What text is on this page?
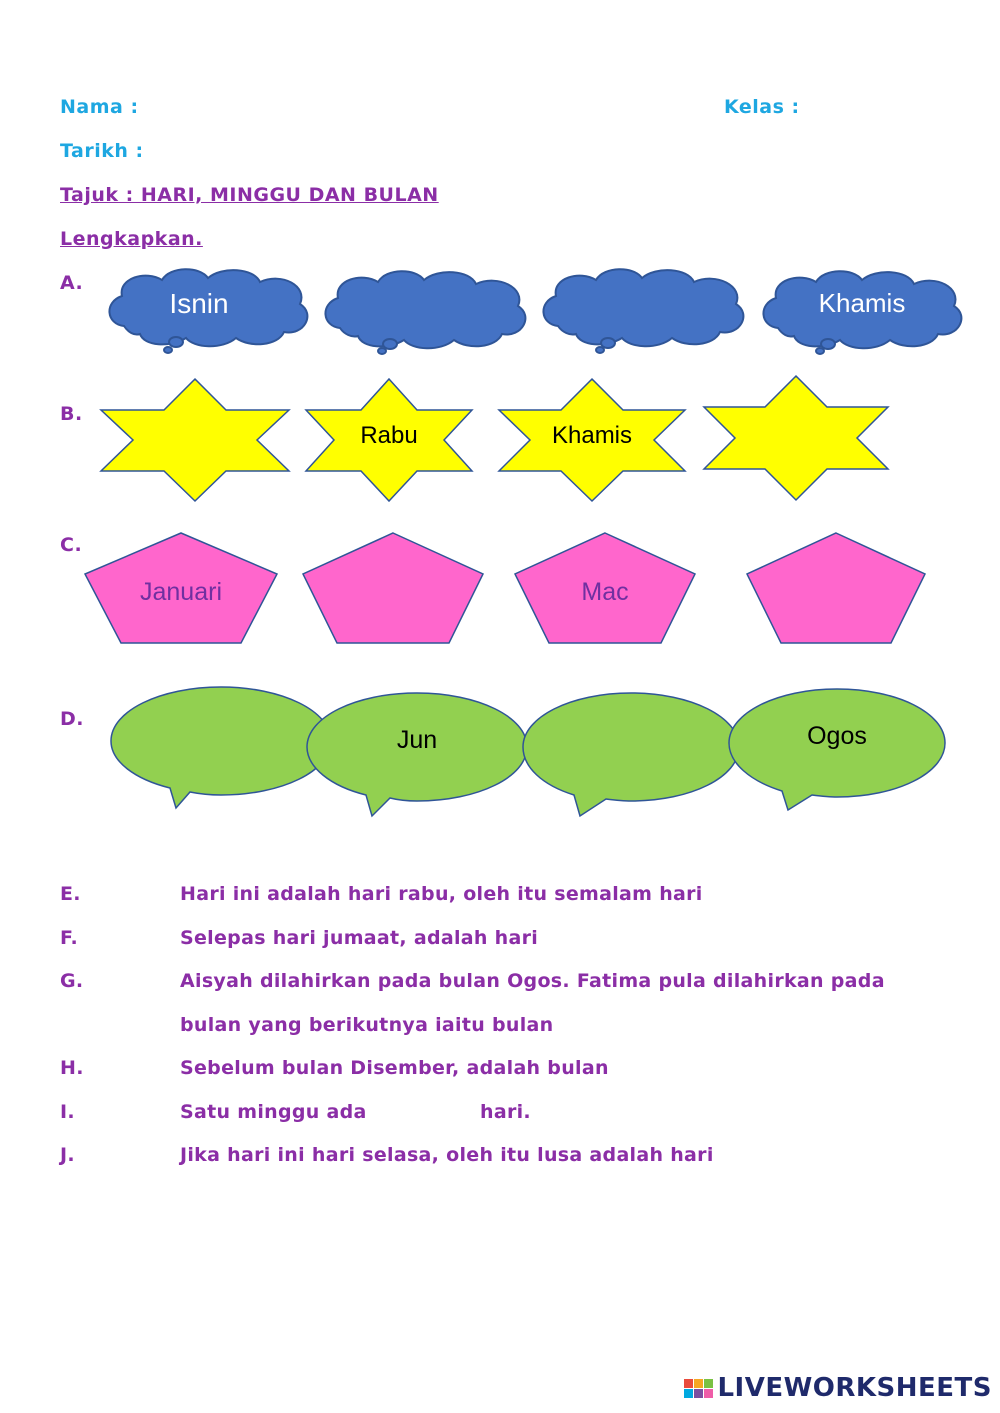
Nama :	Kelas :
Tarikh :
Tajuk : HARI, MINGGU DAN BULAN
Lengkapkan.
A.
B.
C.
D.
Isnin	Khamis
Rabu	Khamis
Januari	Mac
Jun	Ogos
E.	Hari ini adalah hari rabu, oleh itu semalam hari
F.	Selepas hari jumaat, adalah hari
G.	Aisyah dilahirkan pada bulan Ogos. Fatima pula dilahirkan pada
bulan yang berikutnya iaitu bulan
H.	Sebelum bulan Disember, adalah bulan
I.	Satu minggu ada	hari.
J.	Jika hari ini hari selasa, oleh itu lusa adalah hari
LIVEWORKSHEETS
